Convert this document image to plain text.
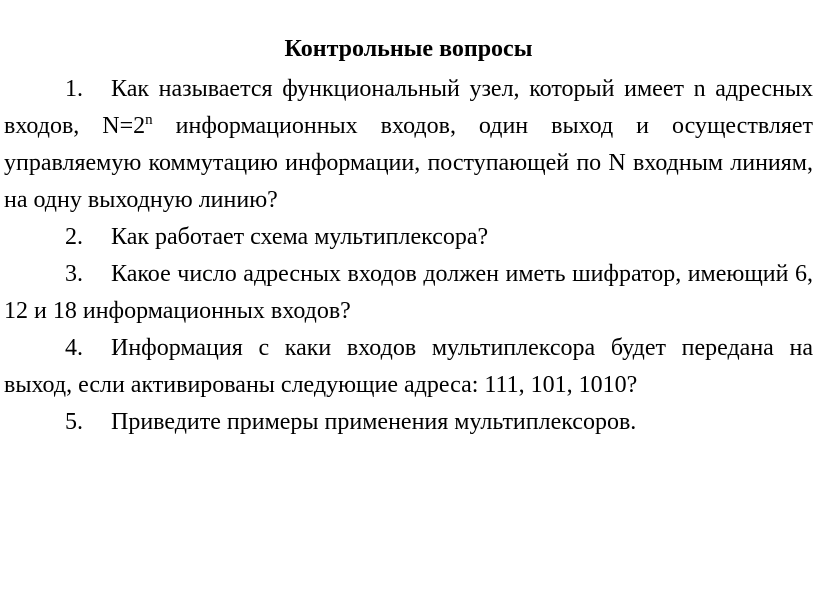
Контрольные вопросы

1. Как называется функциональный узел, который имеет n адресных входов, $N=2^n$ информационных входов, один выход и осуществляет управляемую коммутацию информации, поступающей по N входным линиям, на одну выходную линию?

2. Как работает схема мультиплексора?

3. Какое число адресных входов должен иметь шифратор, имеющий 6, 12 и 18 информационных входов?

4. Информация с каки входов мультиплексора будет передана на выход, если активированы следующие адреса: 111, 101, 1010?

5. Приведите примеры применения мультиплексоров.
